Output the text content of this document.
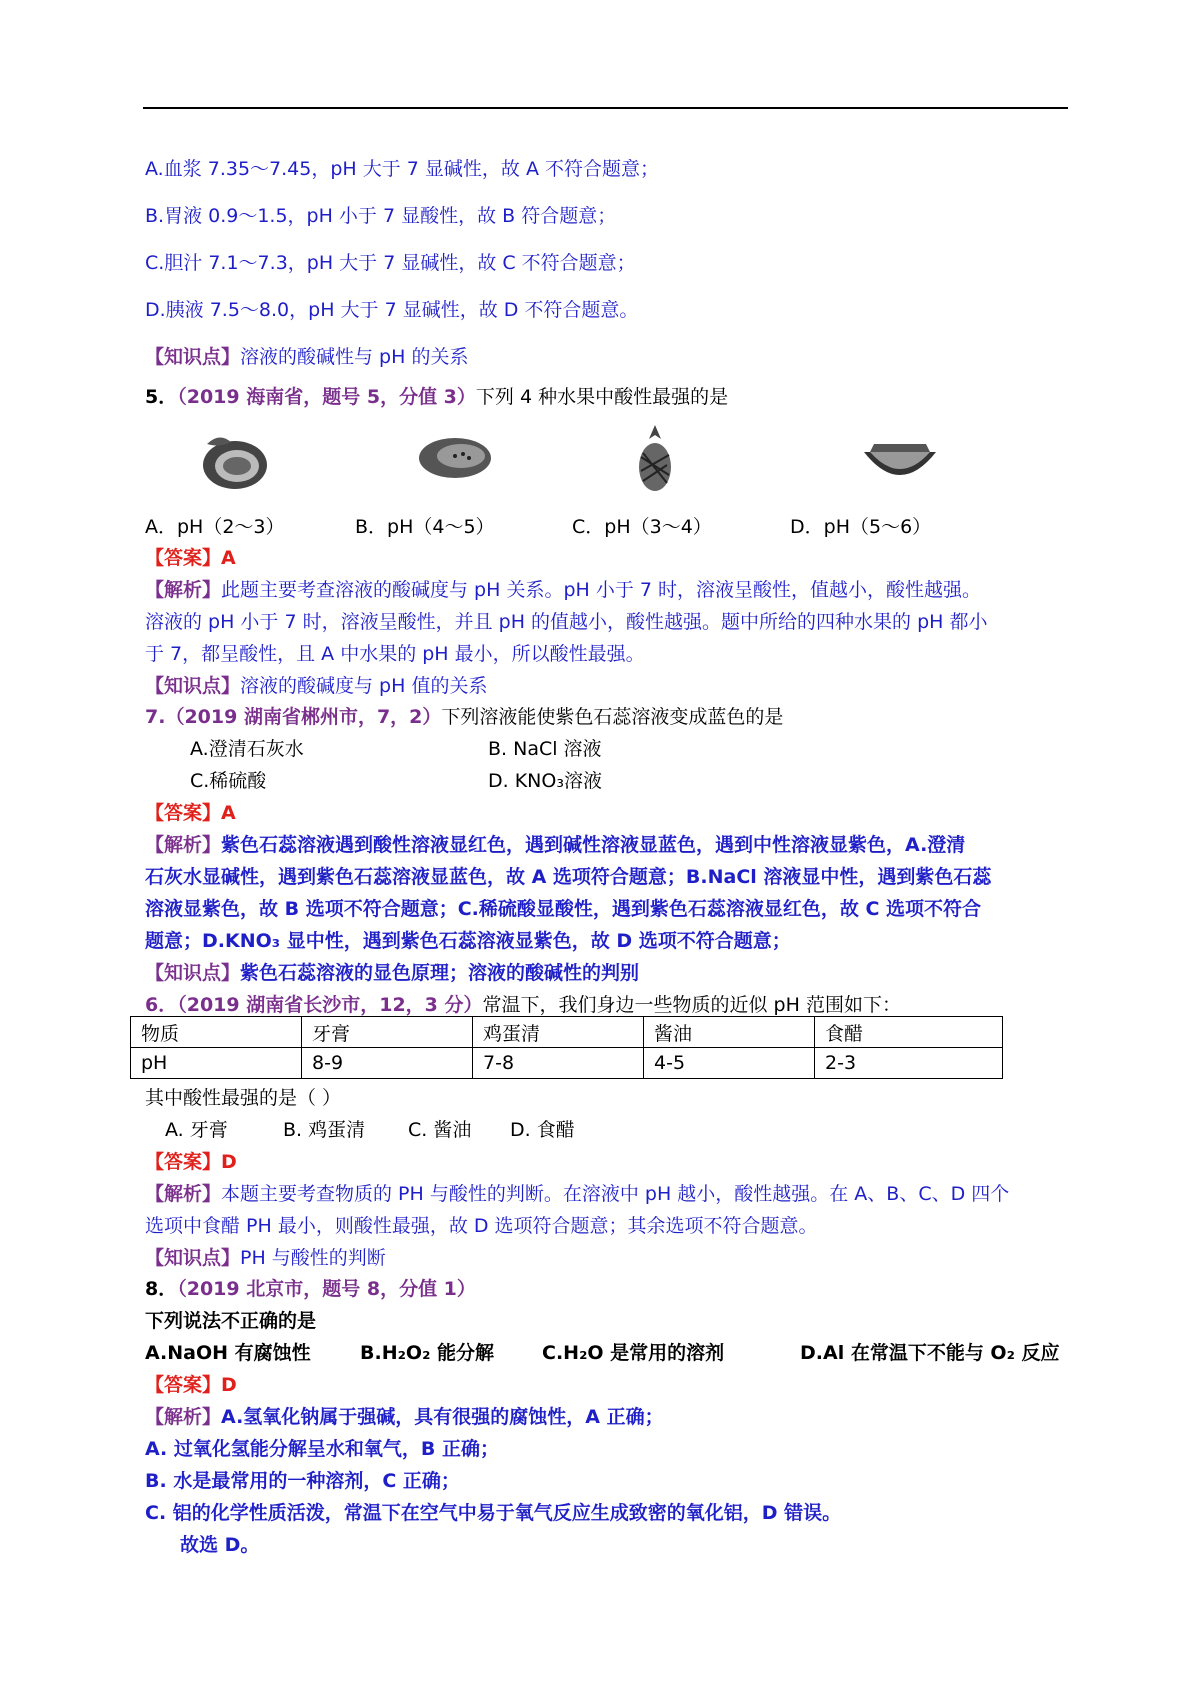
A.血浆 7.35～7.45，pH 大于 7 显碱性，故 A 不符合题意；
B.胃液 0.9～1.5，pH 小于 7 显酸性，故 B 符合题意；
C.胆汁 7.1～7.3，pH 大于 7 显碱性，故 C 不符合题意；
D.胰液 7.5～8.0，pH 大于 7 显碱性，故 D 不符合题意。
【知识点】溶液的酸碱性与 pH 的关系
5．（2019 海南省，题号 5，分值 3）下列 4 种水果中酸性最强的是
A．pH（2～3）	B．pH（4～5）	C．pH（3～4）	D．pH（5～6）
【答案】A
【解析】此题主要考查溶液的酸碱度与 pH 关系。pH 小于 7 时，溶液呈酸性，值越小，酸性越强。
溶液的 pH 小于 7 时，溶液呈酸性，并且 pH 的值越小，酸性越强。题中所给的四种水果的 pH 都小
于 7，都呈酸性，且 A 中水果的 pH 最小，所以酸性最强。
【知识点】溶液的酸碱度与 pH 值的关系
7.（2019 湖南省郴州市，7，2）下列溶液能使紫色石蕊溶液变成蓝色的是
A.澄清石灰水	B. NaCl 溶液
C.稀硫酸	D. KNO₃溶液
【答案】A
【解析】紫色石蕊溶液遇到酸性溶液显红色，遇到碱性溶液显蓝色，遇到中性溶液显紫色，A.澄清
石灰水显碱性，遇到紫色石蕊溶液显蓝色，故 A 选项符合题意；B.NaCl 溶液显中性，遇到紫色石蕊
溶液显紫色，故 B 选项不符合题意；C.稀硫酸显酸性，遇到紫色石蕊溶液显红色，故 C 选项不符合
题意；D.KNO₃ 显中性，遇到紫色石蕊溶液显紫色，故 D 选项不符合题意；
【知识点】紫色石蕊溶液的显色原理；溶液的酸碱性的判别
6．（2019 湖南省长沙市，12，3 分）常温下，我们身边一些物质的近似 pH 范围如下：
物质	牙膏	鸡蛋清	酱油	食醋
pH	8-9	7-8	4-5	2-3
其中酸性最强的是（ ）
A. 牙膏	B. 鸡蛋清 C. 酱油 D. 食醋
【答案】D
【解析】本题主要考查物质的 PH 与酸性的判断。在溶液中 pH 越小，酸性越强。在 A、B、C、D 四个
选项中食醋 PH 最小，则酸性最强，故 D 选项符合题意；其余选项不符合题意。
【知识点】PH 与酸性的判断
8．（2019 北京市，题号 8，分值 1）
下列说法不正确的是
A.NaOH 有腐蚀性	B.H₂O₂ 能分解	C.H₂O 是常用的溶剂	D.Al 在常温下不能与 O₂ 反应
【答案】D
【解析】A.氢氧化钠属于强碱，具有很强的腐蚀性，A 正确；
A. 过氧化氢能分解呈水和氧气，B 正确；
B. 水是最常用的一种溶剂，C 正确；
C. 铝的化学性质活泼，常温下在空气中易于氧气反应生成致密的氧化铝，D 错误。
故选 D。
